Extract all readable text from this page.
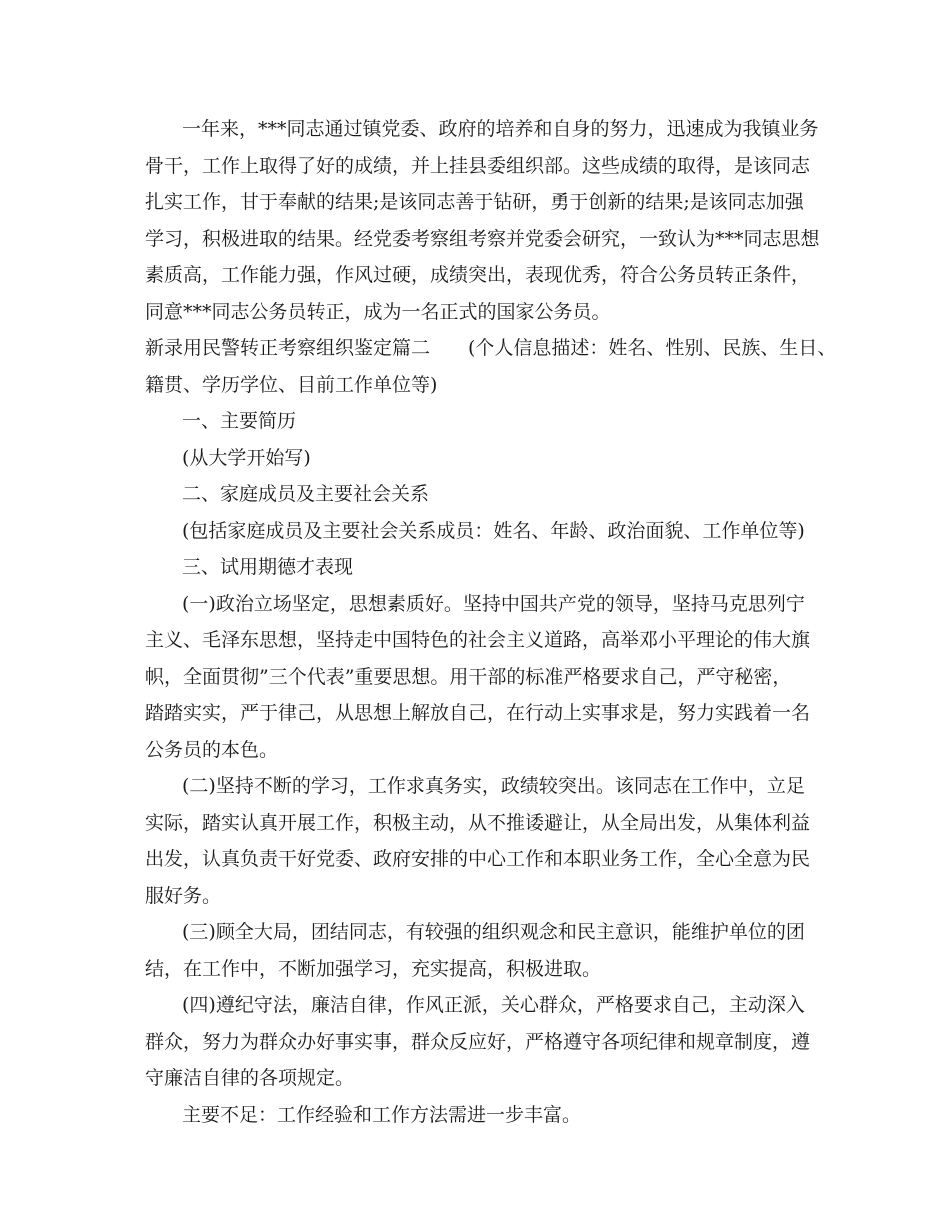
一年来，***同志通过镇党委、政府的培养和自身的努力，迅速成为我镇业务
骨干，工作上取得了好的成绩，并上挂县委组织部。这些成绩的取得，是该同志
扎实工作，甘于奉献的结果;是该同志善于钻研，勇于创新的结果;是该同志加强
学习，积极进取的结果。经党委考察组考察并党委会研究，一致认为***同志思想
素质高，工作能力强，作风过硬，成绩突出，表现优秀，符合公务员转正条件，
同意***同志公务员转正，成为一名正式的国家公务员。
新录用民警转正考察组织鉴定篇二　　(个人信息描述：姓名、性别、民族、生日、
籍贯、学历学位、目前工作单位等)
一、主要简历
(从大学开始写)
二、家庭成员及主要社会关系
(包括家庭成员及主要社会关系成员：姓名、年龄、政治面貌、工作单位等)
三、试用期德才表现
(一)政治立场坚定，思想素质好。坚持中国共产党的领导，坚持马克思列宁
主义、毛泽东思想，坚持走中国特色的社会主义道路，高举邓小平理论的伟大旗
帜，全面贯彻”三个代表”重要思想。用干部的标准严格要求自己，严守秘密，
踏踏实实，严于律己，从思想上解放自己，在行动上实事求是，努力实践着一名
公务员的本色。
(二)坚持不断的学习，工作求真务实，政绩较突出。该同志在工作中，立足
实际，踏实认真开展工作，积极主动，从不推诿避让，从全局出发，从集体利益
出发，认真负责干好党委、政府安排的中心工作和本职业务工作，全心全意为民
服好务。
(三)顾全大局，团结同志，有较强的组织观念和民主意识，能维护单位的团
结，在工作中，不断加强学习，充实提高，积极进取。
(四)遵纪守法，廉洁自律，作风正派，关心群众，严格要求自己，主动深入
群众，努力为群众办好事实事，群众反应好，严格遵守各项纪律和规章制度，遵
守廉洁自律的各项规定。
主要不足：工作经验和工作方法需进一步丰富。
